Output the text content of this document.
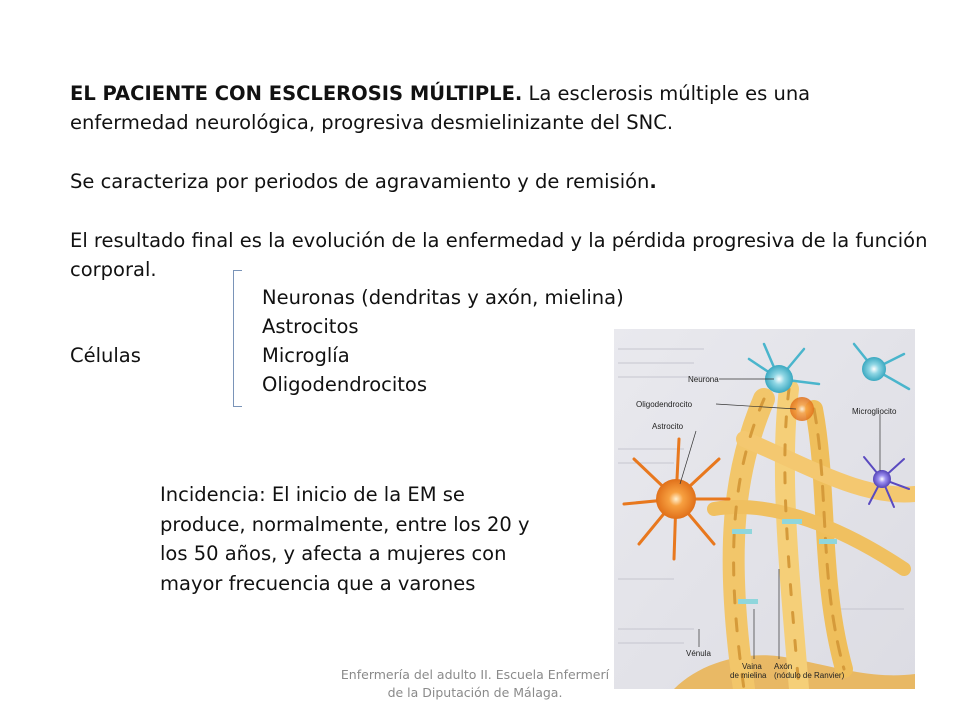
EL PACIENTE CON ESCLEROSIS MÚLTIPLE. La esclerosis múltiple es una enfermedad neurológica, progresiva desmielinizante del SNC.

Se caracteriza por periodos de agravamiento y de remisión.

El resultado final es la evolución de la enfermedad y la pérdida progresiva de la función corporal.

Células
Neuronas (dendritas y axón, mielina)
Astrocitos
Microglía
Oligodendrocitos
Incidencia: El inicio de la EM se produce, normalmente, entre los 20 y los 50 años, y afecta a mujeres con mayor frecuencia que a varones
Enfermería del adulto II. Escuela Enfermerí
de la Diputación de Málaga.
Neurona
Oligodendrocito
Astrocito
Microgliocito
Vénula
Vaina
de mielina
Axón
(nódulo de Ranvier)
